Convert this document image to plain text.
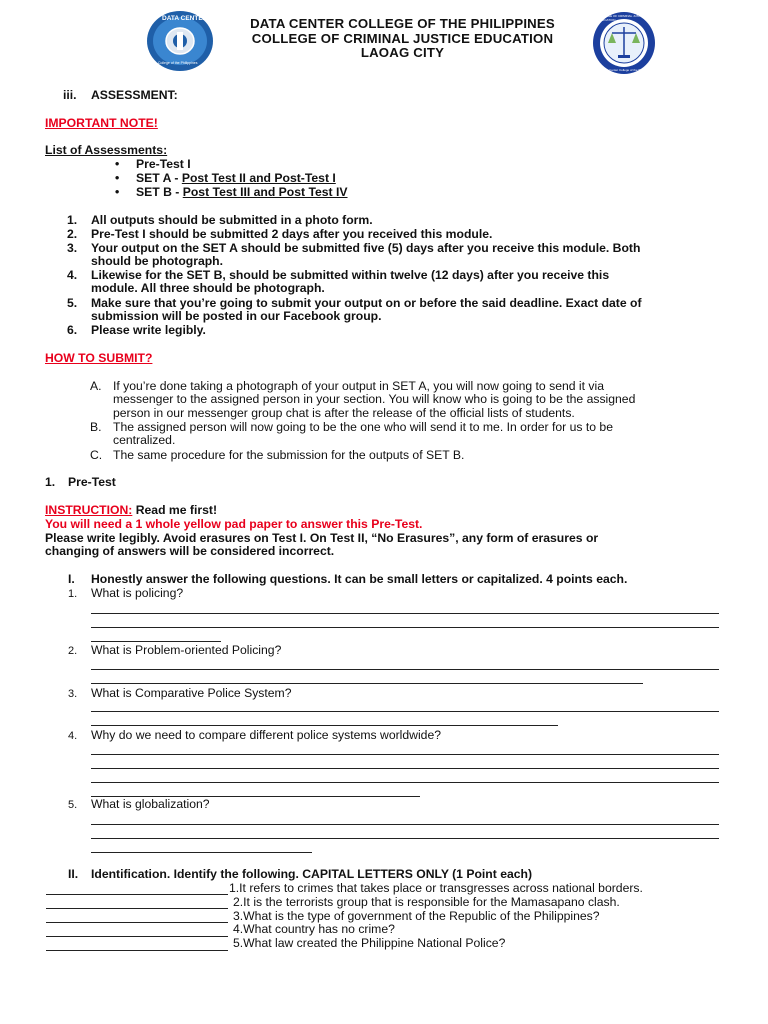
DATA CENTER
College of the Philippines
DATA CENTER COLLEGE OF THE PHILIPPINES
COLLEGE OF CRIMINAL JUSTICE EDUCATION
LAOAG CITY
COLLEGE OF CRIMINAL JUSTICE EDUCATION
Data Center College of the Philippines
iii. ASSESSMENT:
IMPORTANT NOTE!
List of Assessments:
• Pre-Test I
• SET A - Post Test II and Post-Test I
• SET B - Post Test III and Post Test IV
1. All outputs should be submitted in a photo form.
2. Pre-Test I should be submitted 2 days after you received this module.
3. Your output on the SET A should be submitted five (5) days after you receive this module. Both
should be photograph.
4. Likewise for the SET B, should be submitted within twelve (12 days) after you receive this
module. All three should be photograph.
5. Make sure that you’re going to submit your output on or before the said deadline. Exact date of
submission will be posted in our Facebook group.
6. Please write legibly.
HOW TO SUBMIT?
A. If you’re done taking a photograph of your output in SET A, you will now going to send it via
messenger to the assigned person in your section. You will know who is going to be the assigned
person in our messenger group chat is after the release of the official lists of students.
B. The assigned person will now going to be the one who will send it to me. In order for us to be
centralized.
C. The same procedure for the submission for the outputs of SET B.
1. Pre-Test
INSTRUCTION: Read me first!
You will need a 1 whole yellow pad paper to answer this Pre-Test.
Please write legibly. Avoid erasures on Test I. On Test II, “No Erasures”, any form of erasures or
changing of answers will be considered incorrect.
I. Honestly answer the following questions. It can be small letters or capitalized. 4 points each.
1. What is policing?
2. What is Problem-oriented Policing?
3. What is Comparative Police System?
4. Why do we need to compare different police systems worldwide?
5. What is globalization?
II. Identification. Identify the following. CAPITAL LETTERS ONLY (1 Point each)
1.It refers to crimes that takes place or transgresses across national borders.
2.It is the terrorists group that is responsible for the Mamasapano clash.
3.What is the type of government of the Republic of the Philippines?
4.What country has no crime?
5.What law created the Philippine National Police?
